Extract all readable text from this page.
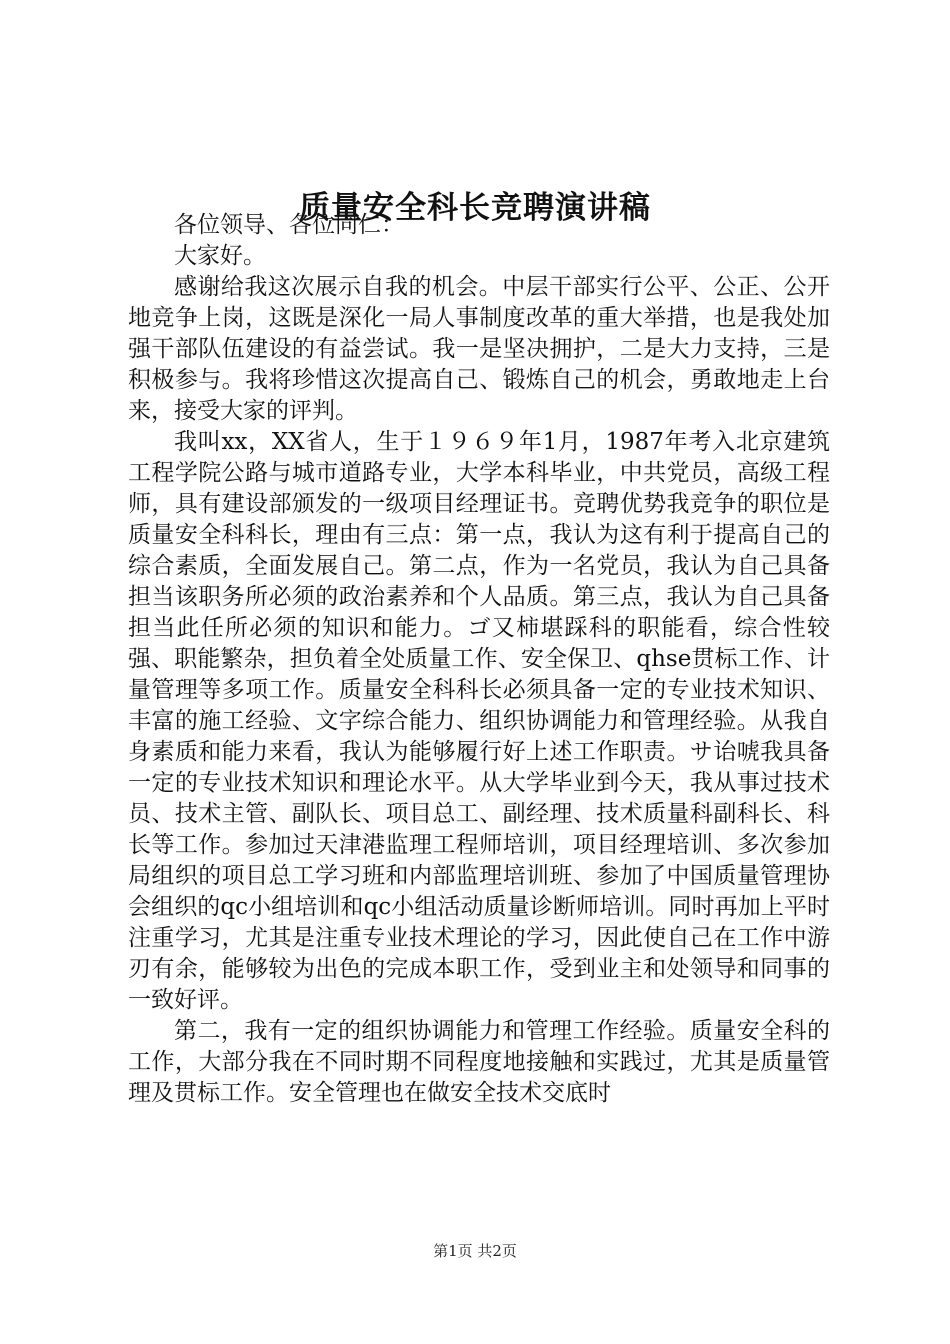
质量安全科长竞聘演讲稿

各位领导、各位同仁：

大家好。

感谢给我这次展示自我的机会。中层干部实行公平、公正、公开地竞争上岗，这既是深化一局人事制度改革的重大举措，也是我处加强干部队伍建设的有益尝试。我一是坚决拥护，二是大力支持，三是积极参与。我将珍惜这次提高自己、锻炼自己的机会，勇敢地走上台来，接受大家的评判。

我叫xx，XX省人，生于１９６９年1月，1987年考入北京建筑工程学院公路与城市道路专业，大学本科毕业，中共党员，高级工程师，具有建设部颁发的一级项目经理证书。竞聘优势我竞争的职位是质量安全科科长，理由有三点：第一点，我认为这有利于提高自己的综合素质，全面发展自己。第二点，作为一名党员，我认为自己具备担当该职务所必须的政治素养和个人品质。第三点，我认为自己具备担当此任所必须的知识和能力。ゴ又柿堪踩科的职能看，综合性较强、职能繁杂，担负着全处质量工作、安全保卫、qhse贯标工作、计量管理等多项工作。质量安全科科长必须具备一定的专业技术知识、丰富的施工经验、文字综合能力、组织协调能力和管理经验。从我自身素质和能力来看，我认为能够履行好上述工作职责。サ诒唬我具备一定的专业技术知识和理论水平。从大学毕业到今天，我从事过技术员、技术主管、副队长、项目总工、副经理、技术质量科副科长、科长等工作。参加过天津港监理工程师培训，项目经理培训、多次参加局组织的项目总工学习班和内部监理培训班、参加了中国质量管理协会组织的qc小组培训和qc小组活动质量诊断师培训。同时再加上平时注重学习，尤其是注重专业技术理论的学习，因此使自己在工作中游刃有余，能够较为出色的完成本职工作，受到业主和处领导和同事的一致好评。

第二，我有一定的组织协调能力和管理工作经验。质量安全科的工作，大部分我在不同时期不同程度地接触和实践过，尤其是质量管理及贯标工作。安全管理也在做安全技术交底时

第1页 共2页
